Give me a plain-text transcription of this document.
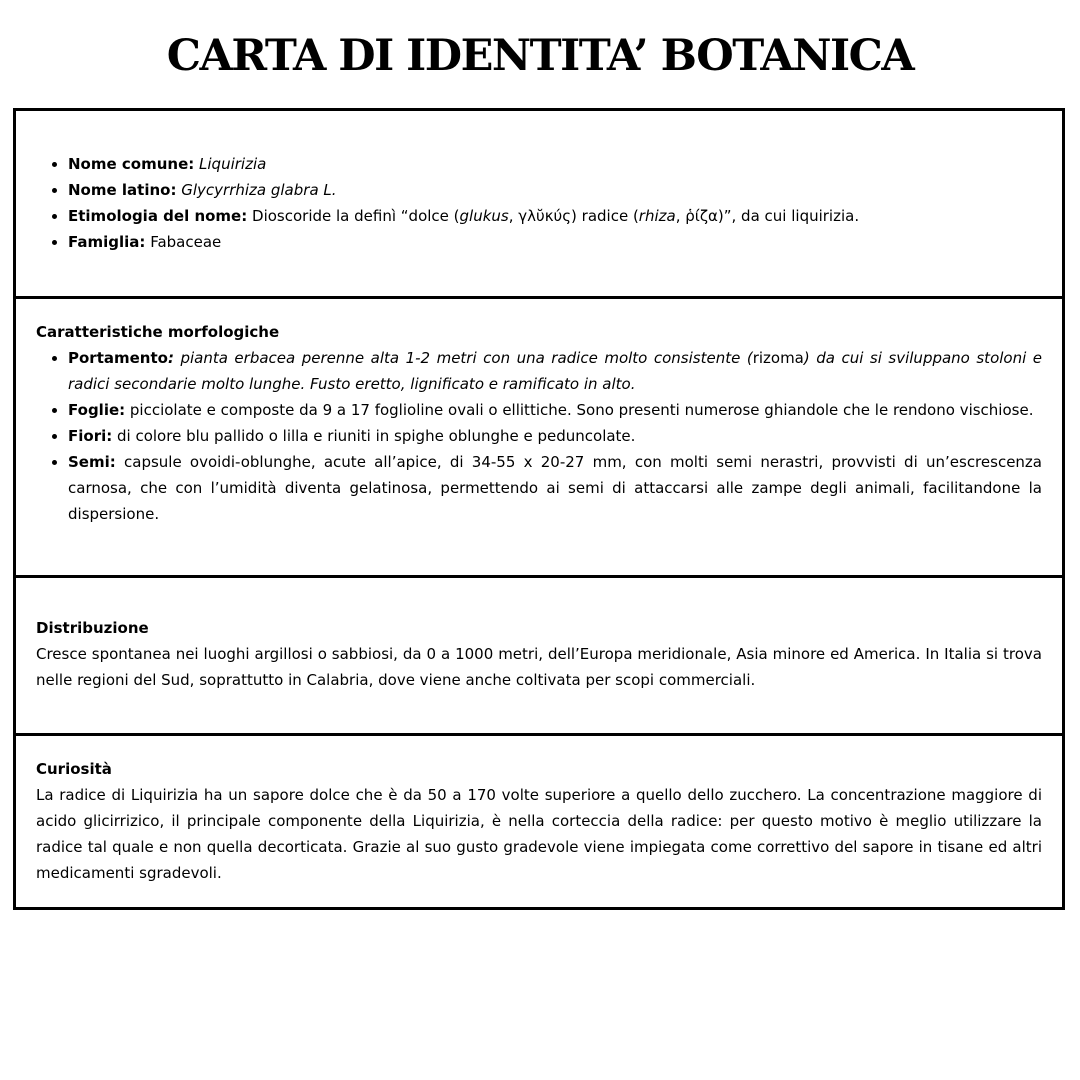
CARTA DI IDENTITA’ BOTANICA
• Nome comune: Liquirizia
• Nome latino: Glycyrrhiza glabra L.
• Etimologia del nome: Dioscoride la definì “dolce (glukus, γλῠκύς) radice (rhiza, ῥίζα)”, da cui liquirizia.
• Famiglia: Fabaceae
Caratteristiche morfologiche
• Portamento: pianta erbacea perenne alta 1-2 metri con una radice molto consistente (rizoma) da cui si sviluppano stoloni e radici secondarie molto lunghe. Fusto eretto, lignificato e ramificato in alto.
• Foglie: picciolate e composte da 9 a 17 foglioline ovali o ellittiche. Sono presenti numerose ghiandole che le rendono vischiose.
• Fiori: di colore blu pallido o lilla e riuniti in spighe oblunghe e peduncolate.
• Semi: capsule ovoidi-oblunghe, acute all’apice, di 34-55 x 20-27 mm, con molti semi nerastri, provvisti di un’escrescenza carnosa, che con l’umidità diventa gelatinosa, permettendo ai semi di attaccarsi alle zampe degli animali, facilitandone la dispersione.
Distribuzione

Cresce spontanea nei luoghi argillosi o sabbiosi, da 0 a 1000 metri, dell’Europa meridionale, Asia minore ed America. In Italia si trova nelle regioni del Sud, soprattutto in Calabria, dove viene anche coltivata per scopi commerciali.

Curiosità

La radice di Liquirizia ha un sapore dolce che è da 50 a 170 volte superiore a quello dello zucchero. La concentrazione maggiore di acido glicirrizico, il principale componente della Liquirizia, è nella corteccia della radice: per questo motivo è meglio utilizzare la radice tal quale e non quella decorticata. Grazie al suo gusto gradevole viene impiegata come correttivo del sapore in tisane ed altri medicamenti sgradevoli.
